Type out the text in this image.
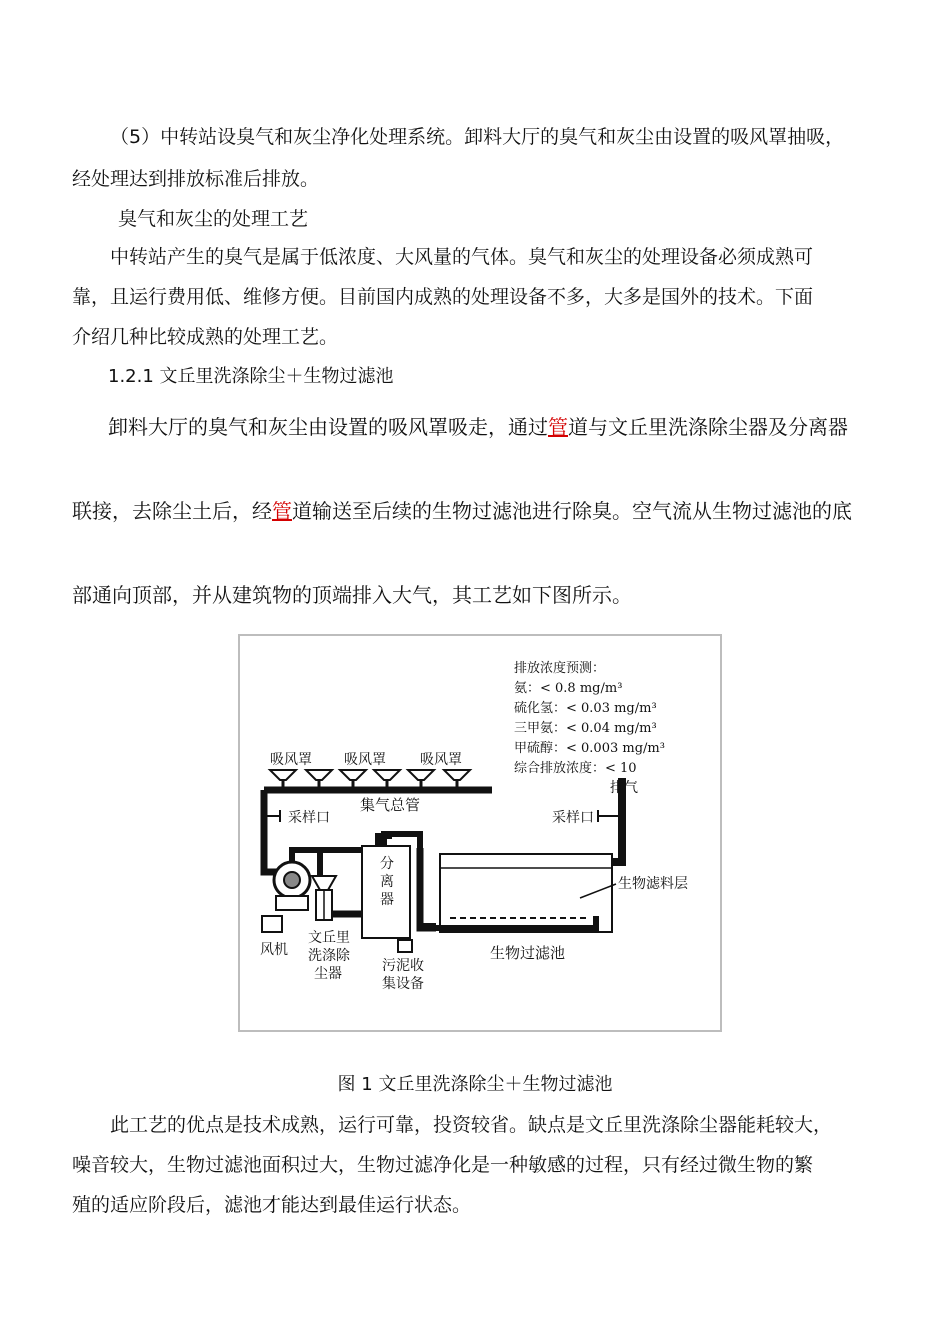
（5）中转站设臭气和灰尘净化处理系统。卸料大厅的臭气和灰尘由设置的吸风罩抽吸，

经处理达到排放标准后排放。

臭气和灰尘的处理工艺

中转站产生的臭气是属于低浓度、大风量的气体。臭气和灰尘的处理设备必须成熟可

靠，且运行费用低、维修方便。目前国内成熟的处理设备不多，大多是国外的技术。下面

介绍几种比较成熟的处理工艺。

1.2.1 文丘里洗涤除尘＋生物过滤池

卸料大厅的臭气和灰尘由设置的吸风罩吸走，通过管道与文丘里洗涤除尘器及分离器

联接，去除尘土后，经管道输送至后续的生物过滤池进行除臭。空气流从生物过滤池的底

部通向顶部，并从建筑物的顶端排入大气，其工艺如下图所示。

排放浓度预测：
氨：< 0.8 mg/m³
硫化氢：< 0.03 mg/m³
三甲氨：< 0.04 mg/m³
甲硫醇：< 0.003 mg/m³
综合排放浓度：< 10
吸风罩 吸风罩 吸风罩
集气总管
采样口
风机
文丘里
洗涤除
尘器
分
离
器
污泥收
集设备
生物滤料层
生物过滤池
排气
采样口
图 1 文丘里洗涤除尘＋生物过滤池

此工艺的优点是技术成熟，运行可靠，投资较省。缺点是文丘里洗涤除尘器能耗较大，

噪音较大，生物过滤池面积过大，生物过滤净化是一种敏感的过程，只有经过微生物的繁

殖的适应阶段后，滤池才能达到最佳运行状态。
